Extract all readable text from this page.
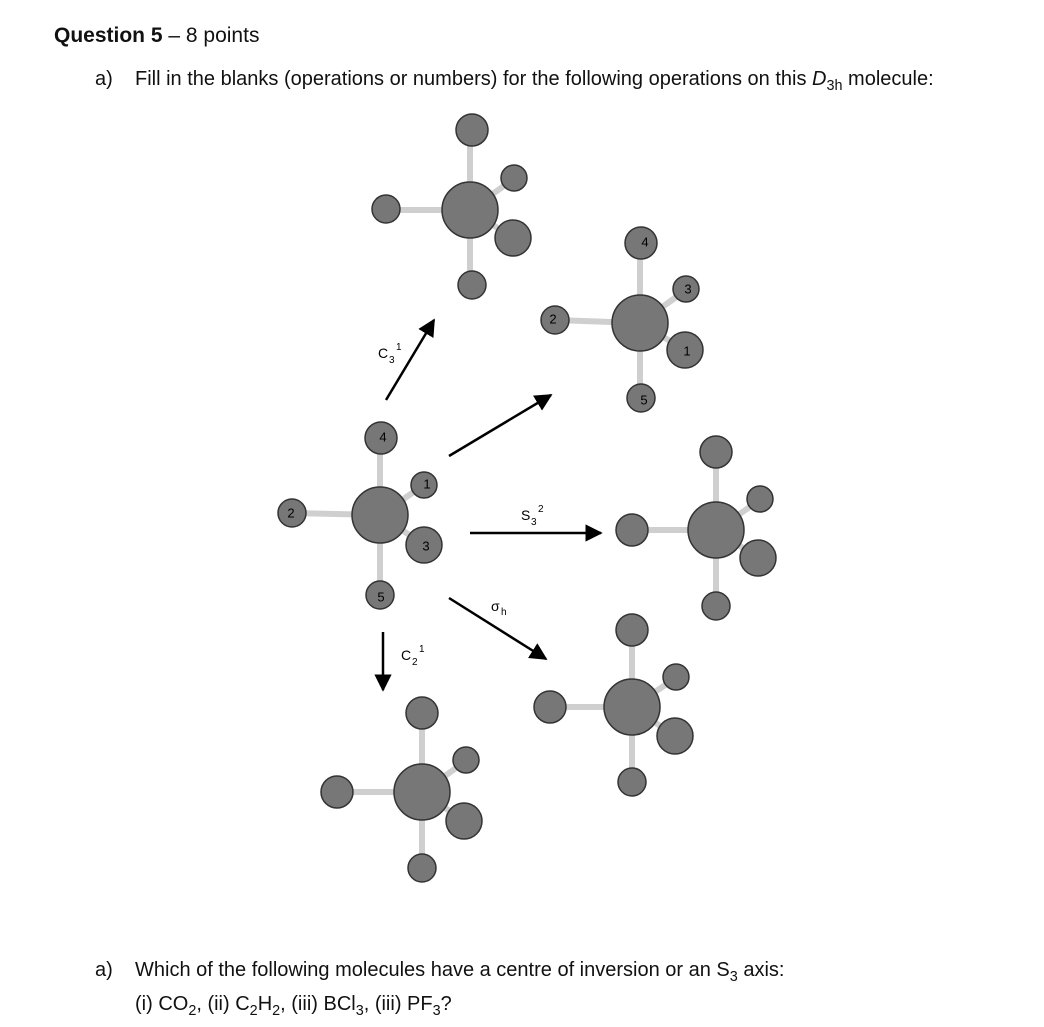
Question 5 – 8 points
a) Fill in the blanks (operations or numbers) for the following operations on this $D_{3h}$ molecule:
4
3
2
1
5
4
2
1
3
5
C 3
1
S 3
2
σ h
C 2
1
a) Which of the following molecules have a centre of inversion or an $S_3$ axis:
(i) $CO_2$, (ii) $C_2H_2$, (iii) BCl$_3$, (iii) $PF_3$?
